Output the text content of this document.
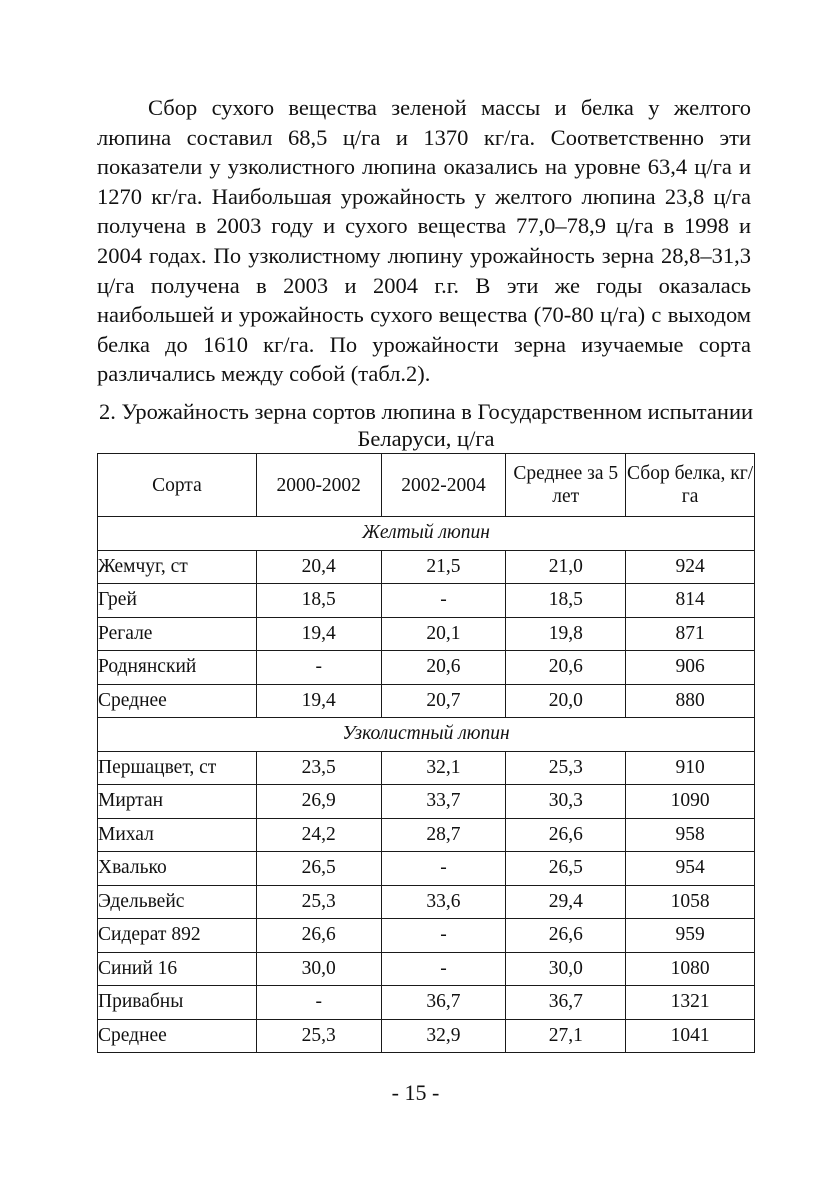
Сбор сухого вещества зеленой массы и белка у желтого люпина составил 68,5 ц/га и 1370 кг/га. Соответственно эти показатели у узколистного люпина оказались на уровне 63,4 ц/га и 1270 кг/га. Наибольшая урожайность у желтого люпина 23,8 ц/га получена в 2003 году и сухого вещества 77,0–78,9 ц/га в 1998 и 2004 годах. По узколистному люпину урожайность зерна 28,8–31,3 ц/га получена в 2003 и 2004 г.г. В эти же годы оказалась наибольшей и урожайность сухого вещества (70-80 ц/га) с выходом белка до 1610 кг/га. По урожайности зерна изучаемые сорта различались между собой (табл.2).

2. Урожайность зерна сортов люпина в Государственном испытании Беларуси, ц/га

Сорта	2000-2002	2002-2004	Среднее за 5 лет	Сбор белка, кг/га
Желтый люпин				
Жемчуг, ст	20,4	21,5	21,0	924
Грей	18,5	-	18,5	814
Регале	19,4	20,1	19,8	871
Роднянский	-	20,6	20,6	906
Среднее	19,4	20,7	20,0	880
Узколистный люпин				
Першацвет, ст	23,5	32,1	25,3	910
Миртан	26,9	33,7	30,3	1090
Михал	24,2	28,7	26,6	958
Хвалько	26,5	-	26,5	954
Эдельвейс	25,3	33,6	29,4	1058
Сидерат 892	26,6	-	26,6	959
Синий 16	30,0	-	30,0	1080
Привабны	-	36,7	36,7	1321
Среднее	25,3	32,9	27,1	1041

- 15 -
